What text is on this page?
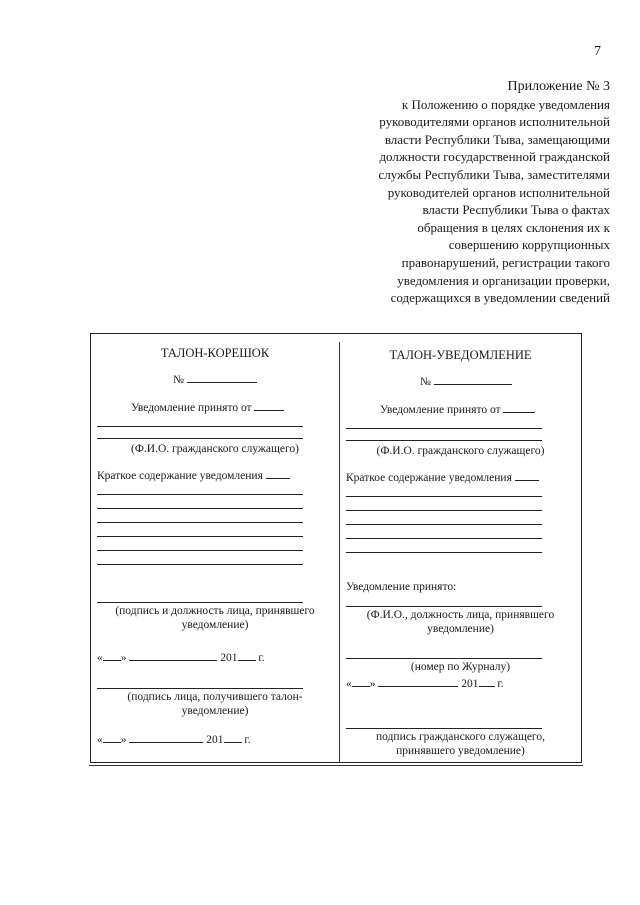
7
Приложение № 3
к Положению о порядке уведомления
руководителями органов исполнительной
власти Республики Тыва, замещающими
должности государственной гражданской
службы Республики Тыва, заместителями
руководителей органов исполнительной
власти Республики Тыва о фактах
обращения в целях склонения их к
совершению коррупционных
правонарушений, регистрации такого
уведомления и организации проверки,
содержащихся в уведомлении сведений
ТАЛОН-КОРЕШОК
№
Уведомление принято от
(Ф.И.О. гражданского служащего)
Краткое содержание уведомления
(подпись и должность лица, принявшего
уведомление)
« »	201 г.
(подпись лица, получившего талон-
уведомление)
« »	201 г.
ТАЛОН-УВЕДОМЛЕНИЕ
№
Уведомление принято от
(Ф.И.О. гражданского служащего)
Краткое содержание уведомления
Уведомление принято:
(Ф.И.О., должность лица, принявшего
уведомление)
(номер по Журналу)
« »	201 г.
подпись гражданского служащего,
принявшего уведомление)
